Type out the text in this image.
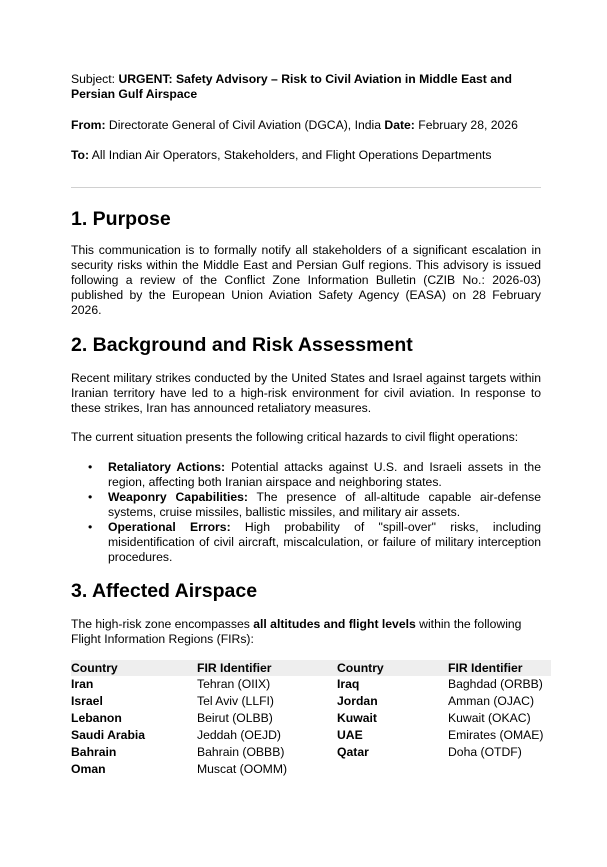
Subject: URGENT: Safety Advisory – Risk to Civil Aviation in Middle East and Persian Gulf Airspace

From: Directorate General of Civil Aviation (DGCA), India Date: February 28, 2026

To: All Indian Air Operators, Stakeholders, and Flight Operations Departments

1. Purpose

This communication is to formally notify all stakeholders of a significant escalation in security risks within the Middle East and Persian Gulf regions. This advisory is issued following a review of the Conflict Zone Information Bulletin (CZIB No.: 2026-03) published by the European Union Aviation Safety Agency (EASA) on 28 February 2026.

2. Background and Risk Assessment

Recent military strikes conducted by the United States and Israel against targets within Iranian territory have led to a high-risk environment for civil aviation. In response to these strikes, Iran has announced retaliatory measures.

The current situation presents the following critical hazards to civil flight operations:

• Retaliatory Actions: Potential attacks against U.S. and Israeli assets in the region, affecting both Iranian airspace and neighboring states.
• Weaponry Capabilities: The presence of all-altitude capable air-defense systems, cruise missiles, ballistic missiles, and military air assets.
• Operational Errors: High probability of "spill-over" risks, including misidentification of civil aircraft, miscalculation, or failure of military interception procedures.
3. Affected Airspace

The high-risk zone encompasses all altitudes and flight levels within the following Flight Information Regions (FIRs):

Country	FIR Identifier	Country	FIR Identifier
Iran	Tehran (OIIX)	Iraq	Baghdad (ORBB)
Israel	Tel Aviv (LLFI)	Jordan	Amman (OJAC)
Lebanon	Beirut (OLBB)	Kuwait	Kuwait (OKAC)
Saudi Arabia	Jeddah (OEJD)	UAE	Emirates (OMAE)
Bahrain	Bahrain (OBBB)	Qatar	Doha (OTDF)
Oman	Muscat (OOMM)		
